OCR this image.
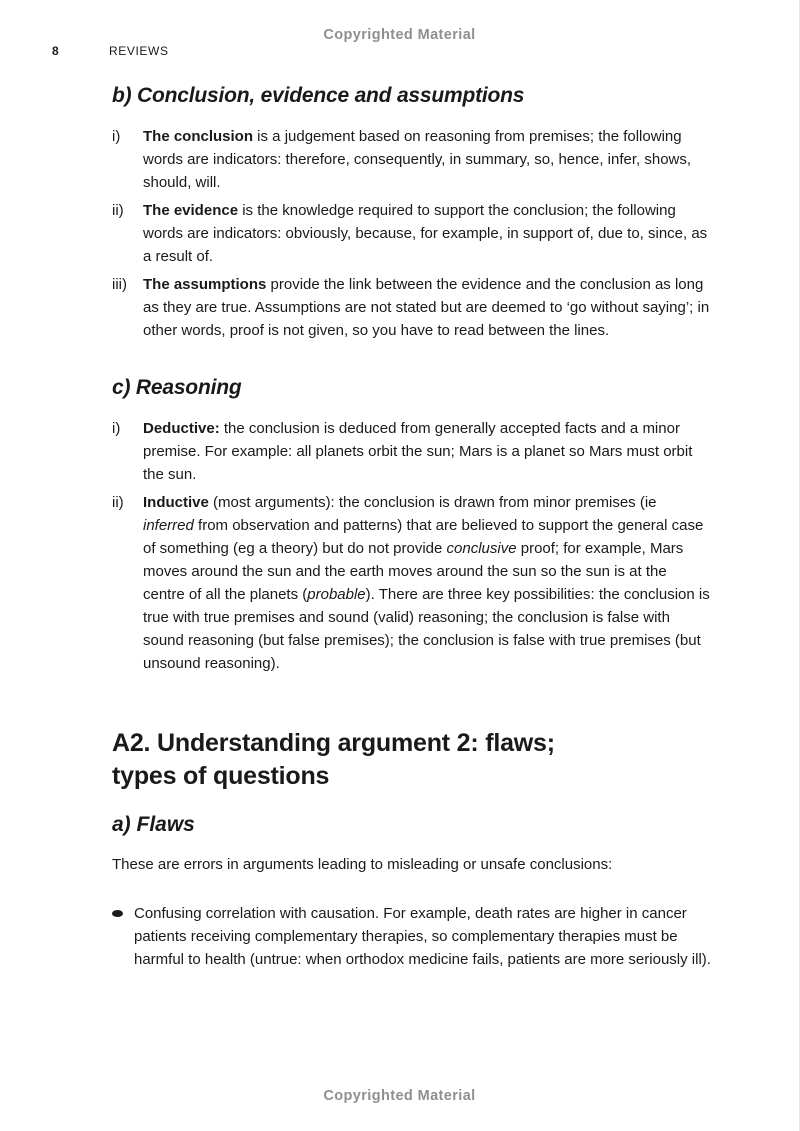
Copyrighted Material
8	REVIEWS
b) Conclusion, evidence and assumptions
i)	The conclusion is a judgement based on reasoning from premises; the following words are indicators: therefore, consequently, in summary, so, hence, infer, shows, should, will.
ii)	The evidence is the knowledge required to support the conclusion; the following words are indicators: obviously, because, for example, in support of, due to, since, as a result of.
iii)	The assumptions provide the link between the evidence and the conclusion as long as they are true. Assumptions are not stated but are deemed to ‘go without saying’; in other words, proof is not given, so you have to read between the lines.
c) Reasoning
i)	Deductive: the conclusion is deduced from generally accepted facts and a minor premise. For example: all planets orbit the sun; Mars is a planet so Mars must orbit the sun.
ii)	Inductive (most arguments): the conclusion is drawn from minor premises (ie inferred from observation and patterns) that are believed to support the general case of something (eg a theory) but do not provide conclusive proof; for example, Mars moves around the sun and the earth moves around the sun so the sun is at the centre of all the planets (probable). There are three key possibilities: the conclusion is true with true premises and sound (valid) reasoning; the conclusion is false with sound reasoning (but false premises); the conclusion is false with true premises (but unsound reasoning).
A2. Understanding argument 2: flaws;
types of questions
a) Flaws

These are errors in arguments leading to misleading or unsafe conclusions:

Confusing correlation with causation. For example, death rates are higher in cancer patients receiving complementary therapies, so complementary therapies must be harmful to health (untrue: when orthodox medicine fails, patients are more seriously ill).
Copyrighted Material
